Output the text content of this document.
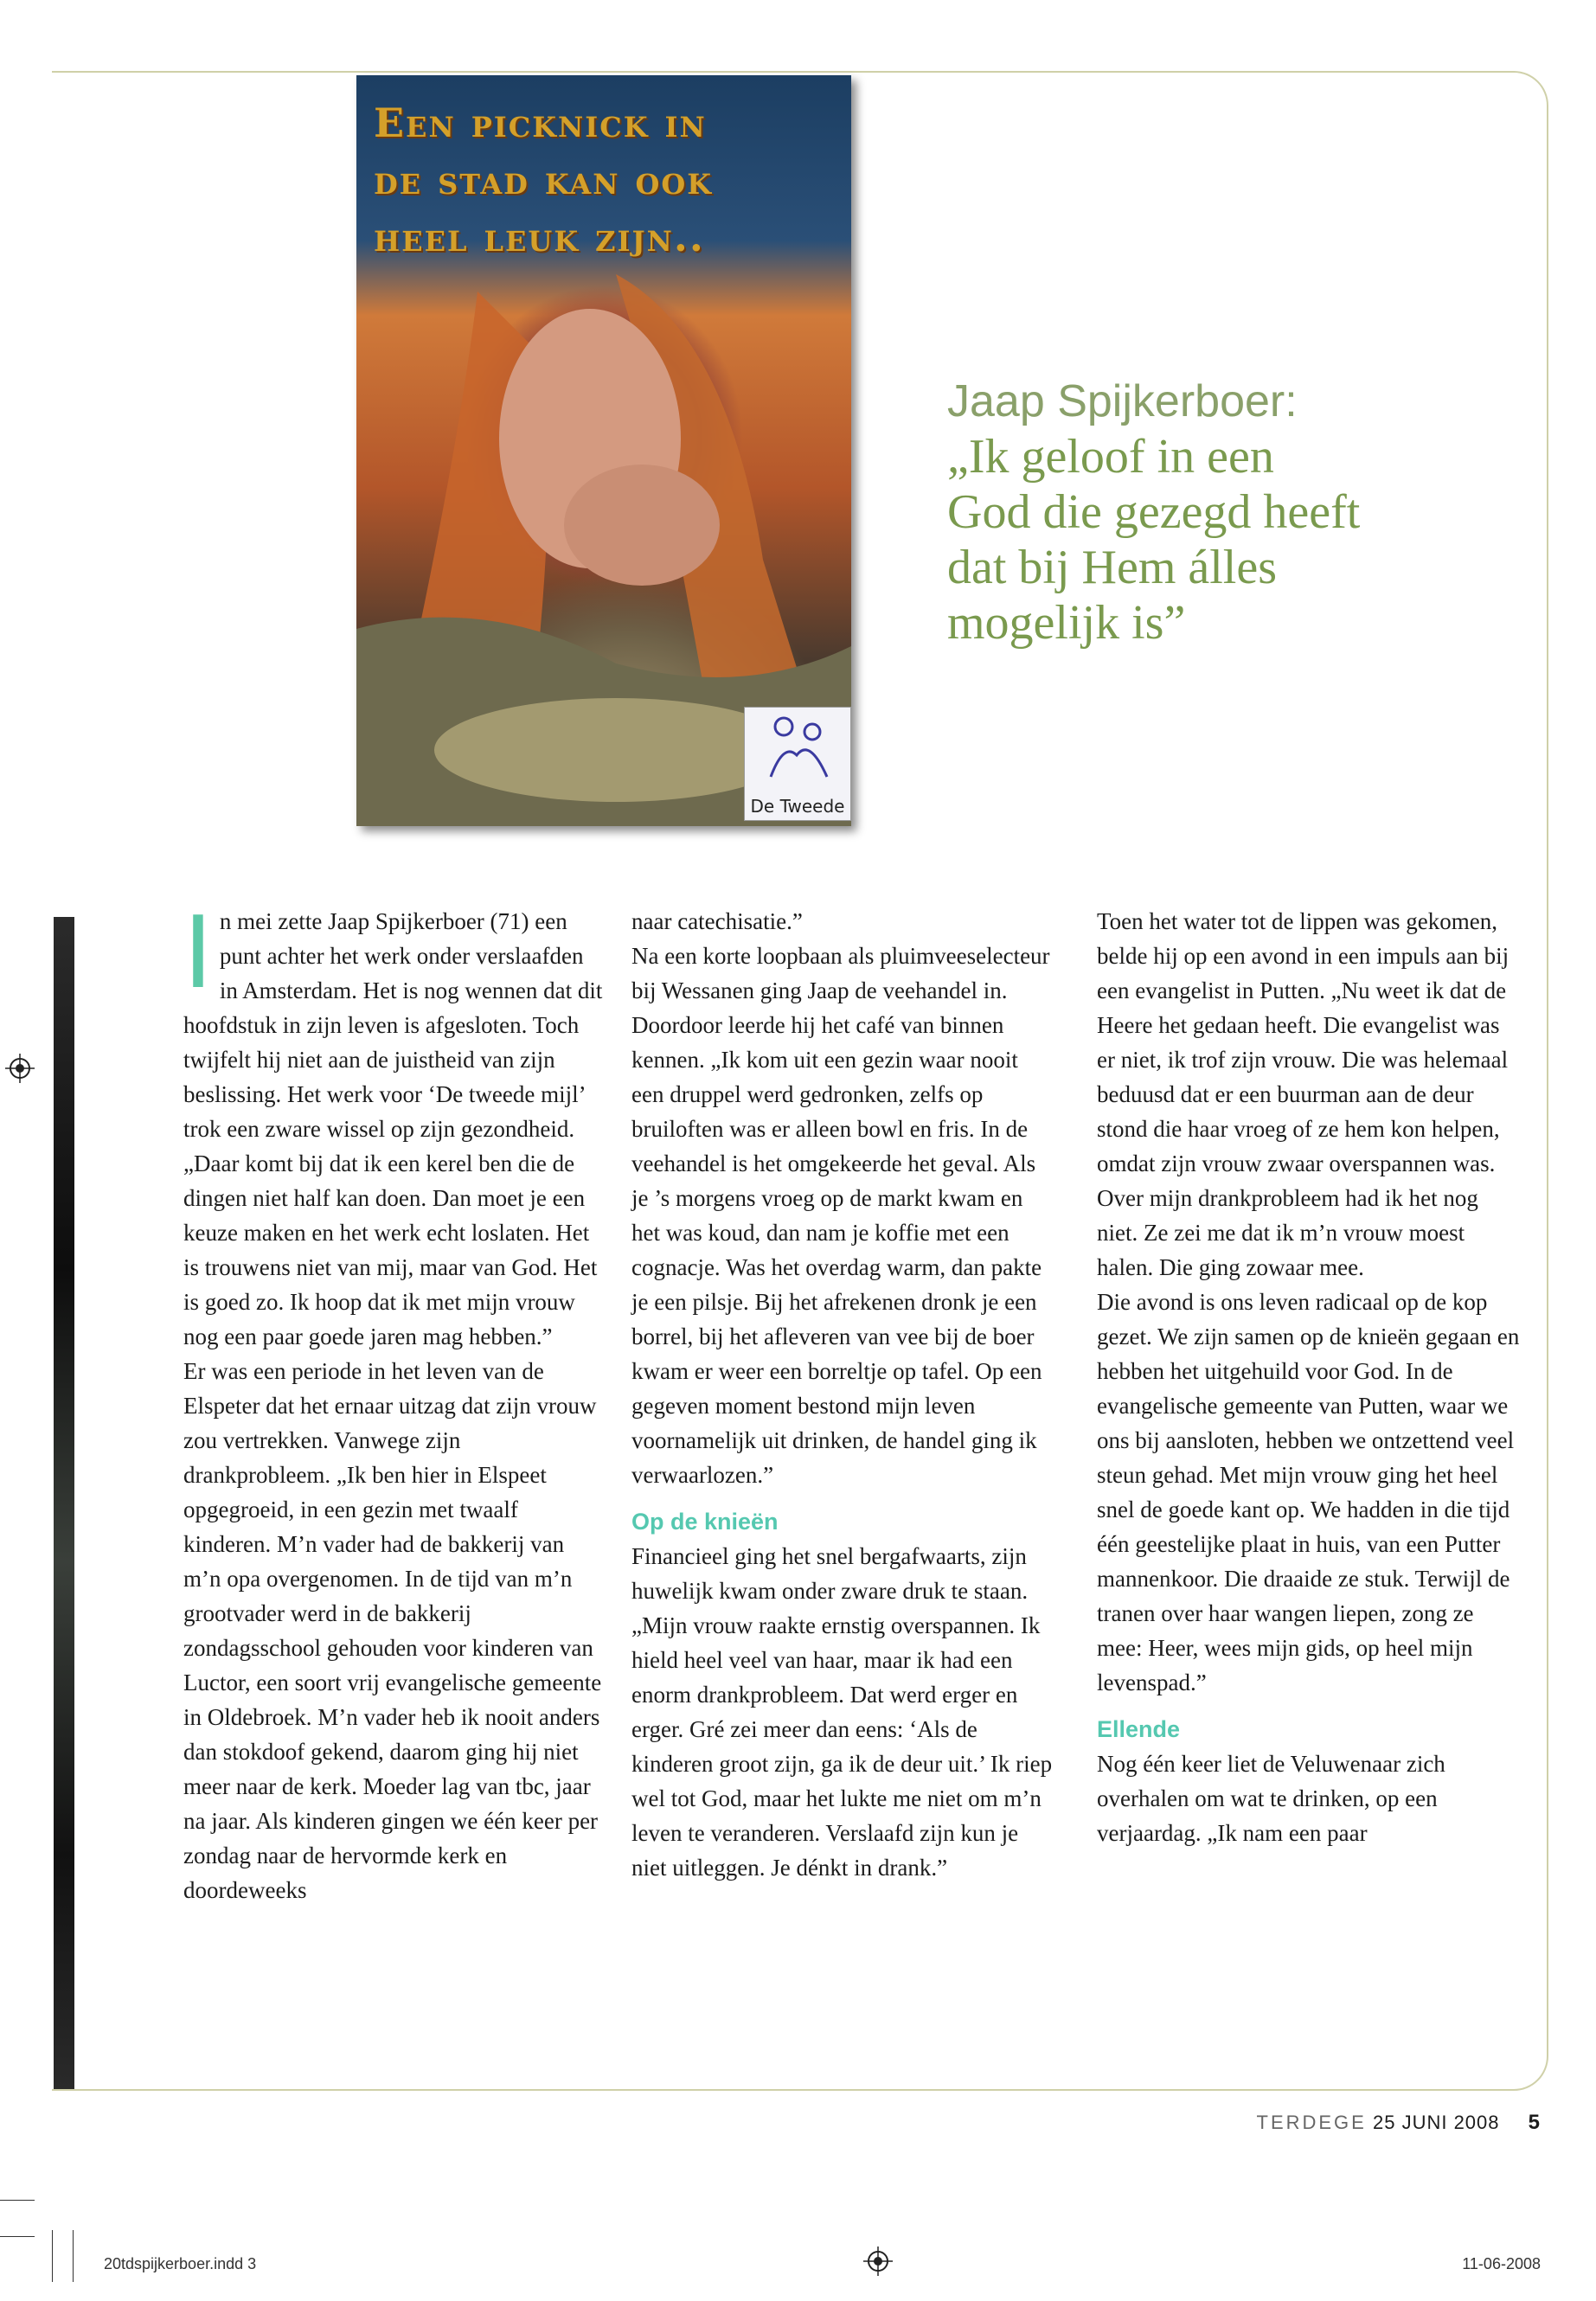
Een picknick in
de stad kan ook
heel leuk zijn..
De Tweede
Jaap Spijkerboer:
„Ik geloof in een
God die gezegd heeft
dat bij Hem álles
mogelijk is”
I n mei zette Jaap Spijkerboer (71) een punt achter het werk onder verslaafden in Amsterdam. Het is nog wennen dat dit hoofdstuk in zijn leven is afgesloten. Toch twijfelt hij niet aan de juistheid van zijn beslissing. Het werk voor ‘De tweede mijl’ trok een zware wissel op zijn gezondheid. „Daar komt bij dat ik een kerel ben die de dingen niet half kan doen. Dan moet je een keuze maken en het werk echt loslaten. Het is trouwens niet van mij, maar van God. Het is goed zo. Ik hoop dat ik met mijn vrouw nog een paar goede jaren mag hebben.”

Er was een periode in het leven van de Elspeter dat het ernaar uitzag dat zijn vrouw zou vertrekken. Vanwege zijn drankprobleem. „Ik ben hier in Elspeet opgegroeid, in een gezin met twaalf kinderen. M’n vader had de bakkerij van m’n opa overgenomen. In de tijd van m’n grootvader werd in de bakkerij zondagsschool gehouden voor kinderen van Luctor, een soort vrij evangelische gemeente in Oldebroek. M’n vader heb ik nooit anders dan stokdoof gekend, daarom ging hij niet meer naar de kerk. Moeder lag van tbc, jaar na jaar. Als kinderen gingen we één keer per zondag naar de hervormde kerk en doordeweeks

naar catechisatie.”

Na een korte loopbaan als pluimveeselecteur bij Wessanen ging Jaap de veehandel in. Doordoor leerde hij het café van binnen kennen. „Ik kom uit een gezin waar nooit een druppel werd gedronken, zelfs op bruiloften was er alleen bowl en fris. In de veehandel is het omgekeerde het geval. Als je ’s morgens vroeg op de markt kwam en het was koud, dan nam je koffie met een cognacje. Was het overdag warm, dan pakte je een pilsje. Bij het afrekenen dronk je een borrel, bij het afleveren van vee bij de boer kwam er weer een borreltje op tafel. Op een gegeven moment bestond mijn leven voornamelijk uit drinken, de handel ging ik verwaarlozen.”

Op de knieën

Financieel ging het snel bergafwaarts, zijn huwelijk kwam onder zware druk te staan. „Mijn vrouw raakte ernstig overspannen. Ik hield heel veel van haar, maar ik had een enorm drankprobleem. Dat werd erger en erger. Gré zei meer dan eens: ‘Als de kinderen groot zijn, ga ik de deur uit.’ Ik riep wel tot God, maar het lukte me niet om m’n leven te veranderen. Verslaafd zijn kun je niet uitleggen. Je dénkt in drank.”

Toen het water tot de lippen was gekomen, belde hij op een avond in een impuls aan bij een evangelist in Putten. „Nu weet ik dat de Heere het gedaan heeft. Die evangelist was er niet, ik trof zijn vrouw. Die was helemaal beduusd dat er een buurman aan de deur stond die haar vroeg of ze hem kon helpen, omdat zijn vrouw zwaar overspannen was. Over mijn drankprobleem had ik het nog niet. Ze zei me dat ik m’n vrouw moest halen. Die ging zowaar mee.

Die avond is ons leven radicaal op de kop gezet. We zijn samen op de knieën gegaan en hebben het uitgehuild voor God. In de evangelische gemeente van Putten, waar we ons bij aansloten, hebben we ontzettend veel steun gehad. Met mijn vrouw ging het heel snel de goede kant op. We hadden in die tijd één geestelijke plaat in huis, van een Putter mannenkoor. Die draaide ze stuk. Terwijl de tranen over haar wangen liepen, zong ze mee: Heer, wees mijn gids, op heel mijn levenspad.”

Ellende

Nog één keer liet de Veluwenaar zich overhalen om wat te drinken, op een verjaardag. „Ik nam een paar

TERDEGE 25 JUNI 2008 5
20tdspijkerboer.indd 3	11-06-2008
